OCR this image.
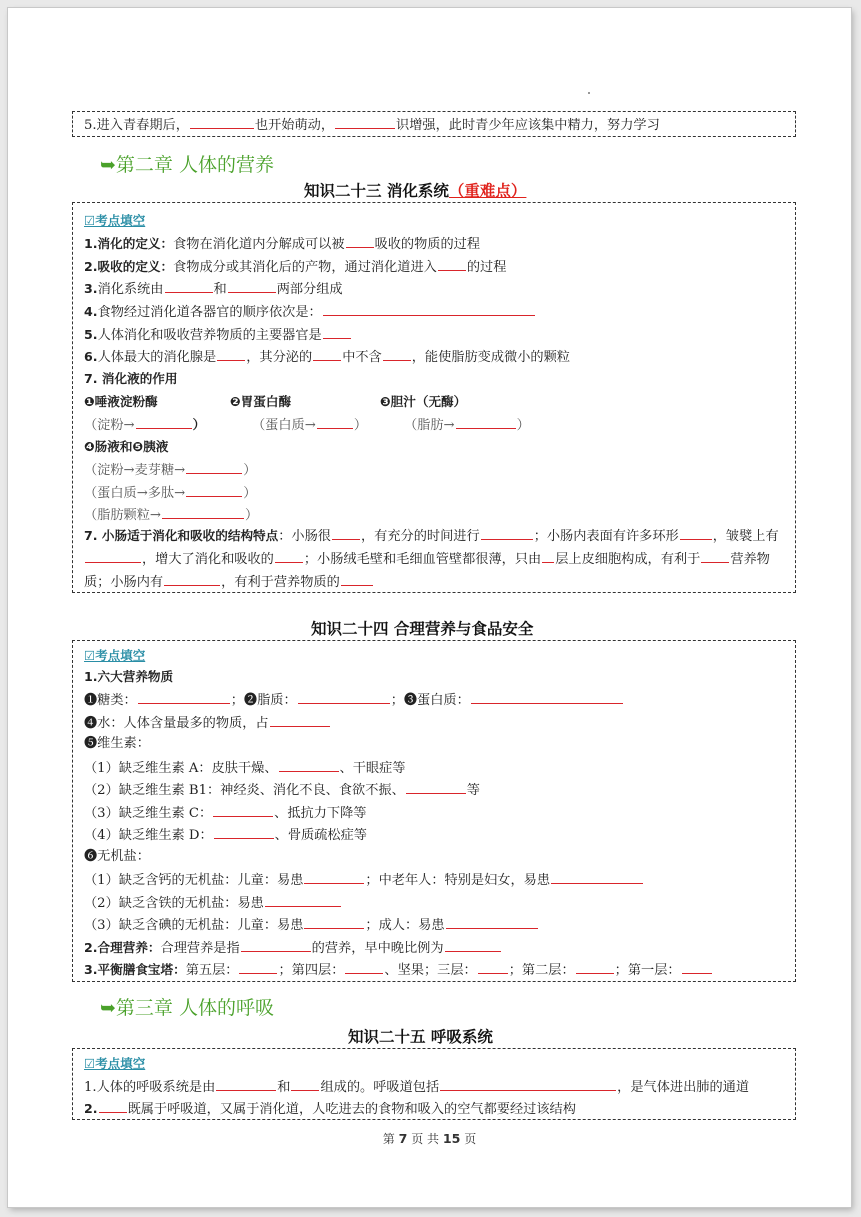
5.进入青春期后，	也开始萌动，	识增强，此时青少年应该集中精力，努力学习
➥第二章 人体的营养
知识二十三 消化系统（重难点）
☑考点填空
1.消化的定义：食物在消化道内分解成可以被 吸收的物质的过程
2.吸收的定义：食物成分或其消化后的产物，通过消化道进入 的过程
3.消化系统由	和	两部分组成
4.食物经过消化道各器官的顺序依次是：
5.人体消化和吸收营养物质的主要器官是
6.人体最大的消化腺是 ，其分泌的 中不含 ，能使脂肪变成微小的颗粒
7. 消化液的作用
❶唾液淀粉酶	❷胃蛋白酶	❸胆汁（无酶）
（淀粉→	）	（蛋白质→	）	（脂肪→	）
❹肠液和❺胰液
（淀粉→麦芽糖→	）
（蛋白质→多肽→	）
（脂肪颗粒→	）
7. 小肠适于消化和吸收的结构特点：小肠很 ，有充分的时间进行	；小肠内表面有许多环形	，皱襞上有，增大了消化和吸收的 ；小肠绒毛壁和毛细血管壁都很薄，只由 层上皮细胞构成，有利于 营养物质；小肠内有	，有利于营养物质的
知识二十四 合理营养与食品安全
☑考点填空
1.六大营养物质
❶糖类：	；❷脂质：	；❸蛋白质：
❹水：人体含量最多的物质，占
❺维生素：
（1）缺乏维生素 A：皮肤干燥、	、干眼症等
（2）缺乏维生素 B1：神经炎、消化不良、食欲不振、	等
（3）缺乏维生素 C：	、抵抗力下降等
（4）缺乏维生素 D：	、骨质疏松症等
❻无机盐：
（1）缺乏含钙的无机盐：儿童：易患	；中老年人：特别是妇女，易患
（2）缺乏含铁的无机盐：易患
（3）缺乏含碘的无机盐：儿童：易患	；成人：易患
2.合理营养：合理营养是指	的营养，早中晚比例为
3.平衡膳食宝塔：第五层：	；第四层：	、坚果；三层： ；第二层：	；第一层：
➥第三章 人体的呼吸
知识二十五 呼吸系统
☑考点填空
1.人体的呼吸系统是由	和 组成的。呼吸道包括	，是气体进出肺的通道
2. 既属于呼吸道，又属于消化道，人吃进去的食物和吸入的空气都要经过该结构
第 7 页 共 15 页
